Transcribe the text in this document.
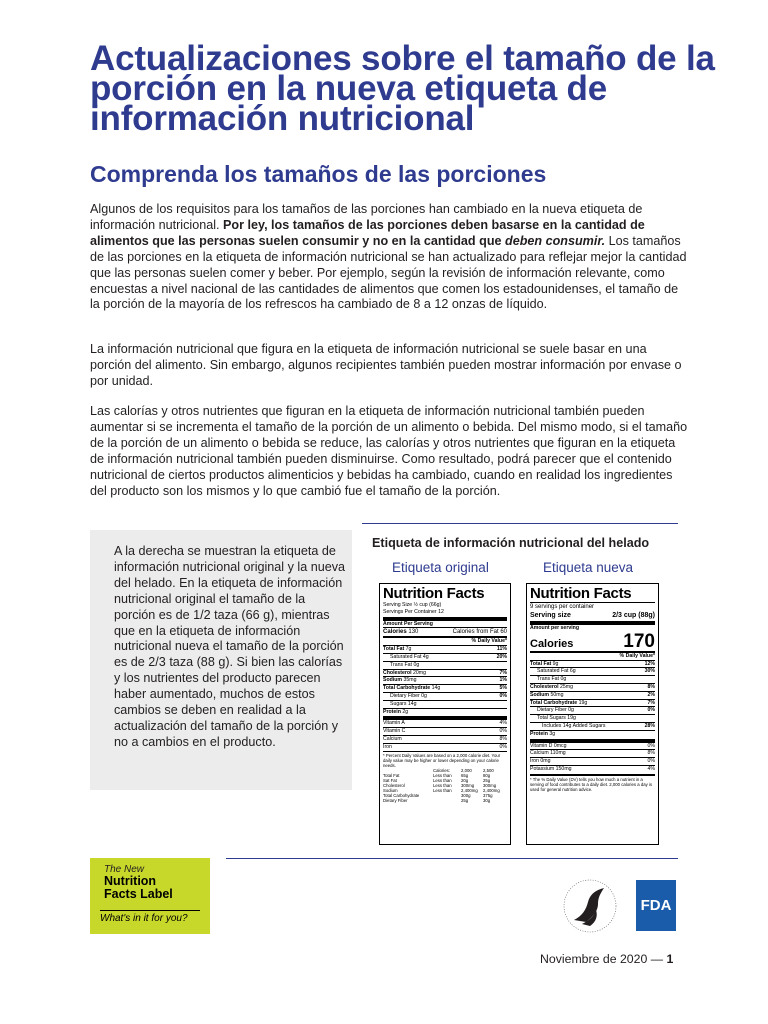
Actualizaciones sobre el tamaño de la porción en la nueva etiqueta de información nutricional
Comprenda los tamaños de las porciones
Algunos de los requisitos para los tamaños de las porciones han cambiado en la nueva etiqueta de información nutricional. Por ley, los tamaños de las porciones deben basarse en la cantidad de alimentos que las personas suelen consumir y no en la cantidad que deben consumir. Los tamaños de las porciones en la etiqueta de información nutricional se han actualizado para reflejar mejor la cantidad que las personas suelen comer y beber. Por ejemplo, según la revisión de información relevante, como encuestas a nivel nacional de las cantidades de alimentos que comen los estadounidenses, el tamaño de la porción de la mayoría de los refrescos ha cambiado de 8 a 12 onzas de líquido.
La información nutricional que figura en la etiqueta de información nutricional se suele basar en una porción del alimento. Sin embargo, algunos recipientes también pueden mostrar información por envase o por unidad.
Las calorías y otros nutrientes que figuran en la etiqueta de información nutricional también pueden aumentar si se incrementa el tamaño de la porción de un alimento o bebida. Del mismo modo, si el tamaño de la porción de un alimento o bebida se reduce, las calorías y otros nutrientes que figuran en la etiqueta de información nutricional también pueden disminuirse. Como resultado, podrá parecer que el contenido nutricional de ciertos productos alimenticios y bebidas ha cambiado, cuando en realidad los ingredientes del producto son los mismos y lo que cambió fue el tamaño de la porción.
A la derecha se muestran la etiqueta de información nutricional original y la nueva del helado. En la etiqueta de información nutricional original el tamaño de la porción es de 1/2 taza (66 g), mientras que en la etiqueta de información nutricional nueva el tamaño de la porción es de 2/3 taza (88 g). Si bien las calorías y los nutrientes del producto parecen haber aumentado, muchos de estos cambios se deben en realidad a la actualización del tamaño de la porción y no a cambios en el producto.
Etiqueta de información nutricional del helado
Etiqueta original	Etiqueta nueva
Nutrition Facts
Serving Size ½ cup (66g)
Servings Per Container 12
Amount Per Serving
Calories 130	Calories from Fat 60
% Daily Value*
Total Fat 7g	11%
Saturated Fat 4g	20%
Trans Fat 0g
Cholesterol 20mg	7%
Sodium 35mg	1%
Total Carbohydrate 14g	5%
Dietary Fiber 0g	0%
Sugars 14g
Protein 2g
Vitamin A	4%
Vitamin C	0%
Calcium	8%
Iron	0%
* Percent Daily Values are based on a 2,000 calorie diet. Your daily value may be higher or lower depending on your calorie needs.
Calories:	2,000	2,500
Total Fat	Less than	65g	80g
Sat Fat	Less than	20g	25g
Cholesterol	Less than	300mg	300mg
Sodium	Less than	2,400mg	2,400mg
Total Carbohydrate	300g	375g
Dietary Fiber	25g	30g
Nutrition Facts
9 servings per container
Serving size	2/3 cup (88g)
Amount per serving
Calories	170
% Daily Value*
Total Fat 9g	12%
Saturated Fat 6g	30%
Trans Fat 0g
Cholesterol 25mg	8%
Sodium 50mg	2%
Total Carbohydrate 19g	7%
Dietary Fiber 0g	0%
Total Sugars 19g
Includes 14g Added Sugars	28%
Protein 3g
Vitamin D 0mcg	0%
Calcium 110mg	8%
Iron 0mg	0%
Potassium 150mg	4%
* The % Daily Value (DV) tells you how much a nutrient in a serving of food contributes to a daily diet. 2,000 calories a day is used for general nutrition advice.
The New
Nutrition
Facts Label
What's in it for you?
FDA
Noviembre de 2020 — 1
